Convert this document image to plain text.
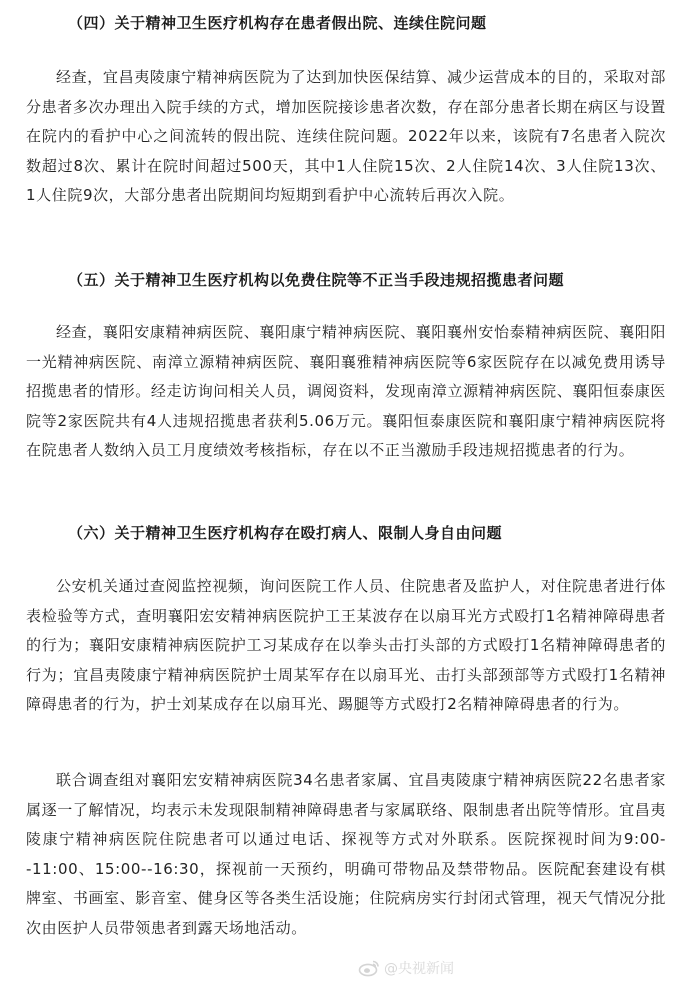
（四）关于精神卫生医疗机构存在患者假出院、连续住院问题
经查，宜昌夷陵康宁精神病医院为了达到加快医保结算、减少运营成本的目的，采取对部分患者多次办理出入院手续的方式，增加医院接诊患者次数，存在部分患者长期在病区与设置在院内的看护中心之间流转的假出院、连续住院问题。2022年以来，该院有7名患者入院次数超过8次、累计在院时间超过500天，其中1人住院15次、2人住院14次、3人住院13次、1人住院9次，大部分患者出院期间均短期到看护中心流转后再次入院。
（五）关于精神卫生医疗机构以免费住院等不正当手段违规招揽患者问题
经查，襄阳安康精神病医院、襄阳康宁精神病医院、襄阳襄州安怡泰精神病医院、襄阳阳一光精神病医院、南漳立源精神病医院、襄阳襄雅精神病医院等6家医院存在以减免费用诱导招揽患者的情形。经走访询问相关人员，调阅资料，发现南漳立源精神病医院、襄阳恒泰康医院等2家医院共有4人违规招揽患者获利5.06万元。襄阳恒泰康医院和襄阳康宁精神病医院将在院患者人数纳入员工月度绩效考核指标，存在以不正当激励手段违规招揽患者的行为。
（六）关于精神卫生医疗机构存在殴打病人、限制人身自由问题
公安机关通过查阅监控视频，询问医院工作人员、住院患者及监护人，对住院患者进行体表检验等方式，查明襄阳宏安精神病医院护工王某波存在以扇耳光方式殴打1名精神障碍患者的行为；襄阳安康精神病医院护工习某成存在以拳头击打头部的方式殴打1名精神障碍患者的行为；宜昌夷陵康宁精神病医院护士周某军存在以扇耳光、击打头部颈部等方式殴打1名精神障碍患者的行为，护士刘某成存在以扇耳光、踢腿等方式殴打2名精神障碍患者的行为。
联合调查组对襄阳宏安精神病医院34名患者家属、宜昌夷陵康宁精神病医院22名患者家属逐一了解情况，均表示未发现限制精神障碍患者与家属联络、限制患者出院等情形。宜昌夷陵康宁精神病医院住院患者可以通过电话、探视等方式对外联系。医院探视时间为9:00--11:00、15:00--16:30，探视前一天预约，明确可带物品及禁带物品。医院配套建设有棋牌室、书画室、影音室、健身区等各类生活设施；住院病房实行封闭式管理，视天气情况分批次由医护人员带领患者到露天场地活动。
@央视新闻
